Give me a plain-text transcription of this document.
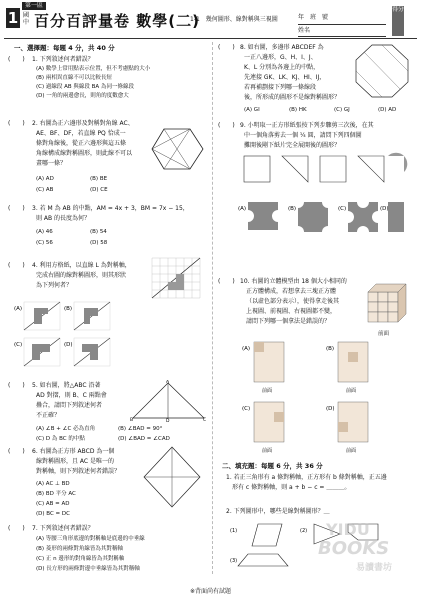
第一區
1 國中 百分百評量卷 數學(二)
1-1　幾何圖形、線對稱與三視圖	年　班　號
姓名
得分
一、選擇題：每題 4 分，共 40 分
(　　) 1. 下列敘述何者錯誤？
(A) 數學上常用點表示位置，但不考慮點的大小
(B) 兩相異直線不可以比較長短
(C) 過線段 AB 與線段 BA 為同一條線段
(D) 一角的兩邊愈長，則角的度數愈大
(　　) 2. 右圖為正六邊形及對稱對角線 AC、
AE、BF、DF，若直線 PQ 恰成一
條對角線後，從正六邊形與這五條
角線構成線對稱圖形，則此線不可以
畫哪一條？
(A) AD	(B) BE
(C) AB	(D) CE
(　　) 3. 若 M 為 AB 的中點，AM = 4x + 3，BM = 7x − 15，
則 AB 的長度為何？
(A) 46	(B) 54
(C) 56	(D) 58
(　　) 4. 利用方格紙，以直線 L 為對稱軸，
完成右圖的線對稱圖形，則其形狀
為下列何者？
(A)	(B)
(C)	(D)
(　　) 5. 如右圖，將△ABC 沿著
AD 對摺，則 B、C 兩點會
疊合，請問下列敘述何者
不正確？
(A) ∠B + ∠C 必為直角	(B) ∠BAD = 90°
(C) D 為 BC 的中點	(D) ∠BAD = ∠CAD
A
B	D	C
(　　) 6. 右圖為正方形 ABCD 為一個
線對稱圖形，且 AC 是唯一的
對稱軸，則下列敘述何者錯誤？
(A) AC ⊥ BD
(B) BD 平分 AC
(C) AB = AD
(D) BC = DC
(　　) 7. 下列敘述何者錯誤？
(A) 等腰三角形底邊的對稱軸是底邊的中垂線
(B) 菱形的兩條對角線皆為其對稱軸
(C) 正 n 邊形的對角線皆為其對稱軸
(D) 長方形的兩條對邊中垂線皆為其對稱軸
(　　) 8. 如右圖，多邊形 ABCDEF 為
一正八邊形，G、H、I、J、
K、L 分別為各邊上的中點，
先連接 GK、LK、KJ、HI、IJ，
若再補劃接下列哪一條線段
後，所形成的圖形不是線對稱圖形？
(A) GI	(B) HK	(C) GJ	(D) AD
(　　) 9. 小明取一正方形紙張按下列步驟剪三次後，在其
中一個角落剪去一個 ¼ 圓，請問下列四個圖
攤開後剛下紙片完全展開後的圖形？
(A)	(B)	(C)	(D)
(　　) 10. 右圖的立體模型由 18 個大小相同的
正方體構成，若想拿去三塊正方體
（以虛色部分表示），使得拿走後其
上視圖、前視圖、右視圖都不變，
請問下列哪一個拿法是錯誤的？
前面
(A)	(B)
(C)	(D)
前面	前面
前面	前面
二、填充題：每題 6 分，共 36 分
1. 若正三角形有 a 條對稱軸，正方形有 b 條對稱軸，正五邊
形有 c 條對稱軸，則 a + b − c = ＿＿＿。
2. 下列圖形中，哪些是線對稱圖形？＿
(1)	(2)
(3)
YIDU
BOOKS
易讀書坊
※背面尚有試題
